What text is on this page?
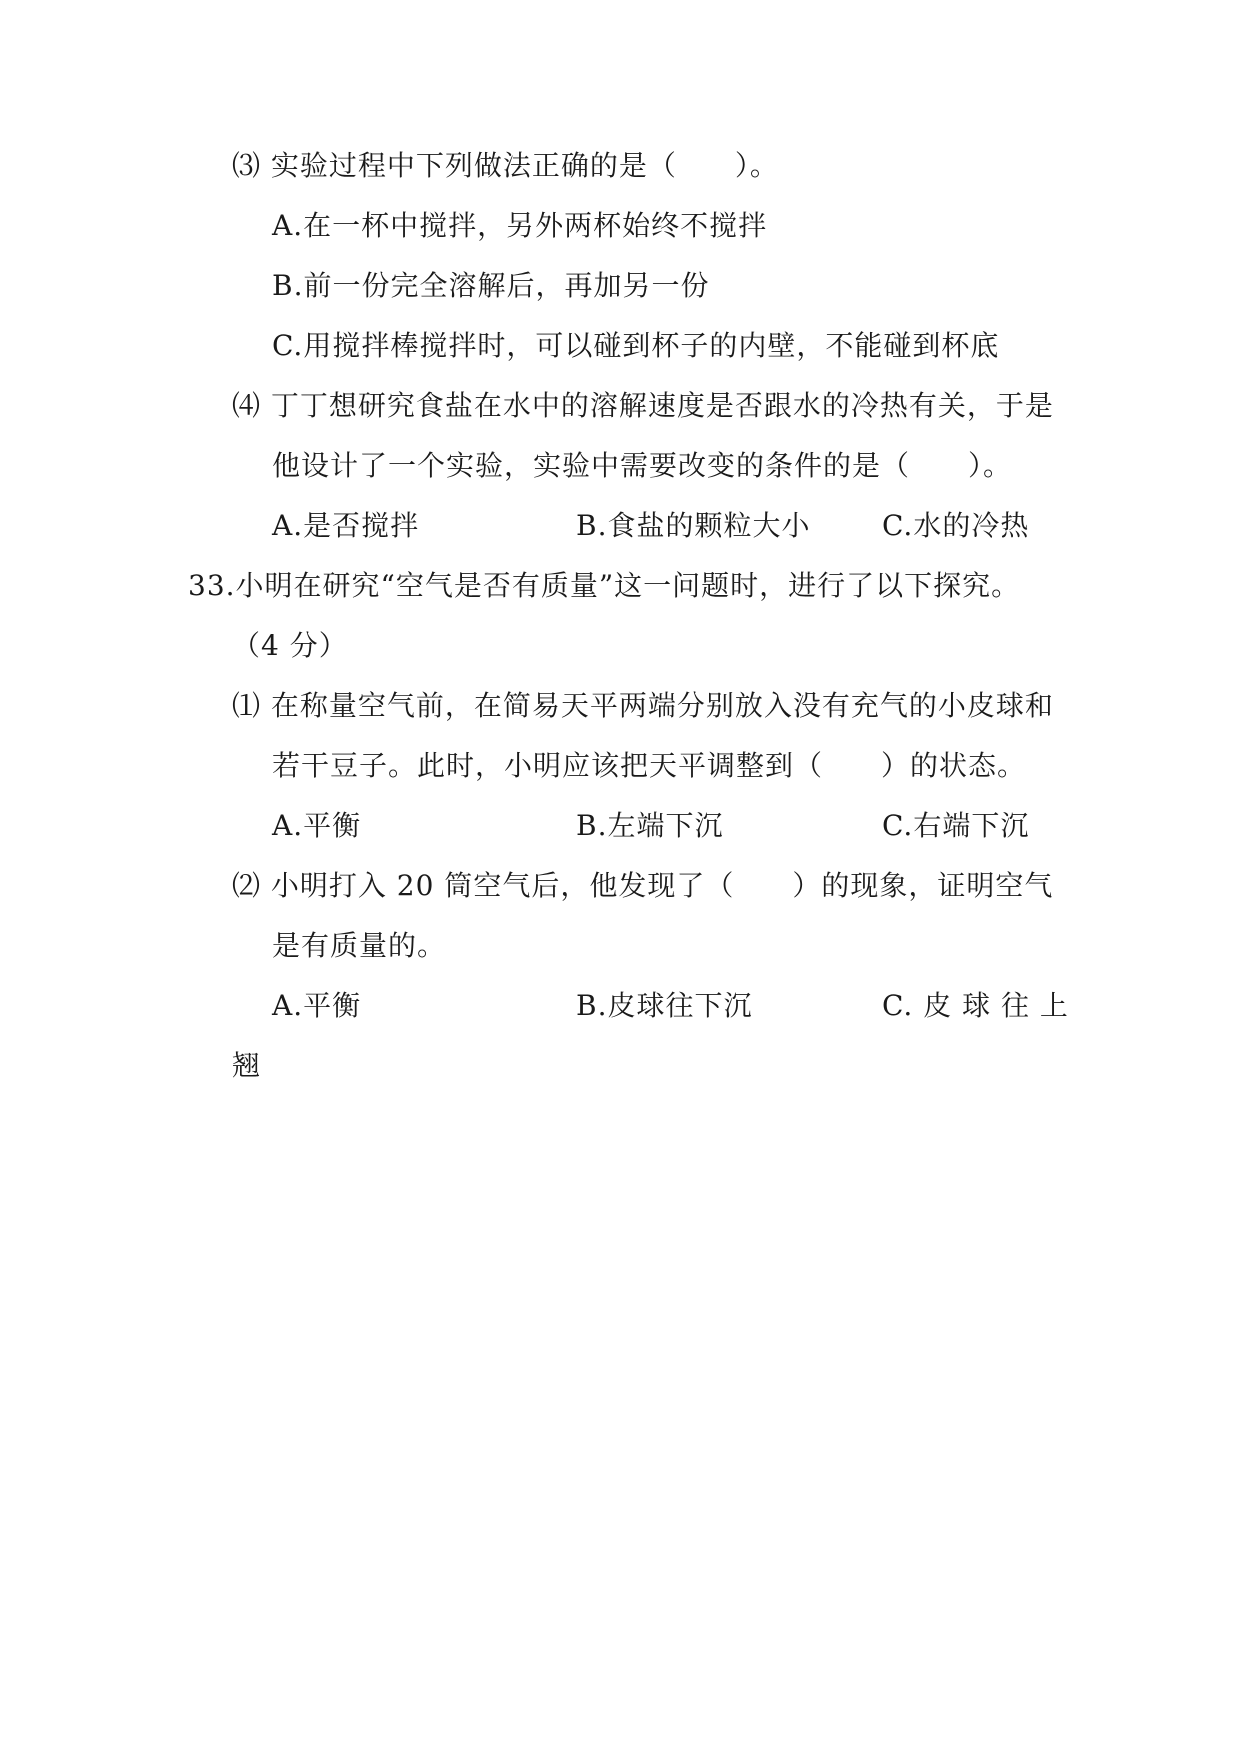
⑶ 实验过程中下列做法正确的是（　　）。
A.在一杯中搅拌，另外两杯始终不搅拌
B.前一份完全溶解后，再加另一份
C.用搅拌棒搅拌时，可以碰到杯子的内壁，不能碰到杯底
⑷ 丁丁想研究食盐在水中的溶解速度是否跟水的冷热有关，于是
他设计了一个实验，实验中需要改变的条件的是（　　）。
A.是否搅拌	B.食盐的颗粒大小	C.水的冷热
33.小明在研究“空气是否有质量”这一问题时，进行了以下探究。
（4 分）
⑴ 在称量空气前，在简易天平两端分别放入没有充气的小皮球和
若干豆子。此时，小明应该把天平调整到（　　）的状态。
A.平衡	B.左端下沉	C.右端下沉
⑵ 小明打入 20 筒空气后，他发现了（　　）的现象，证明空气
是有质量的。
A.平衡	B.皮球往下沉	C. 皮 球 往 上
翘
